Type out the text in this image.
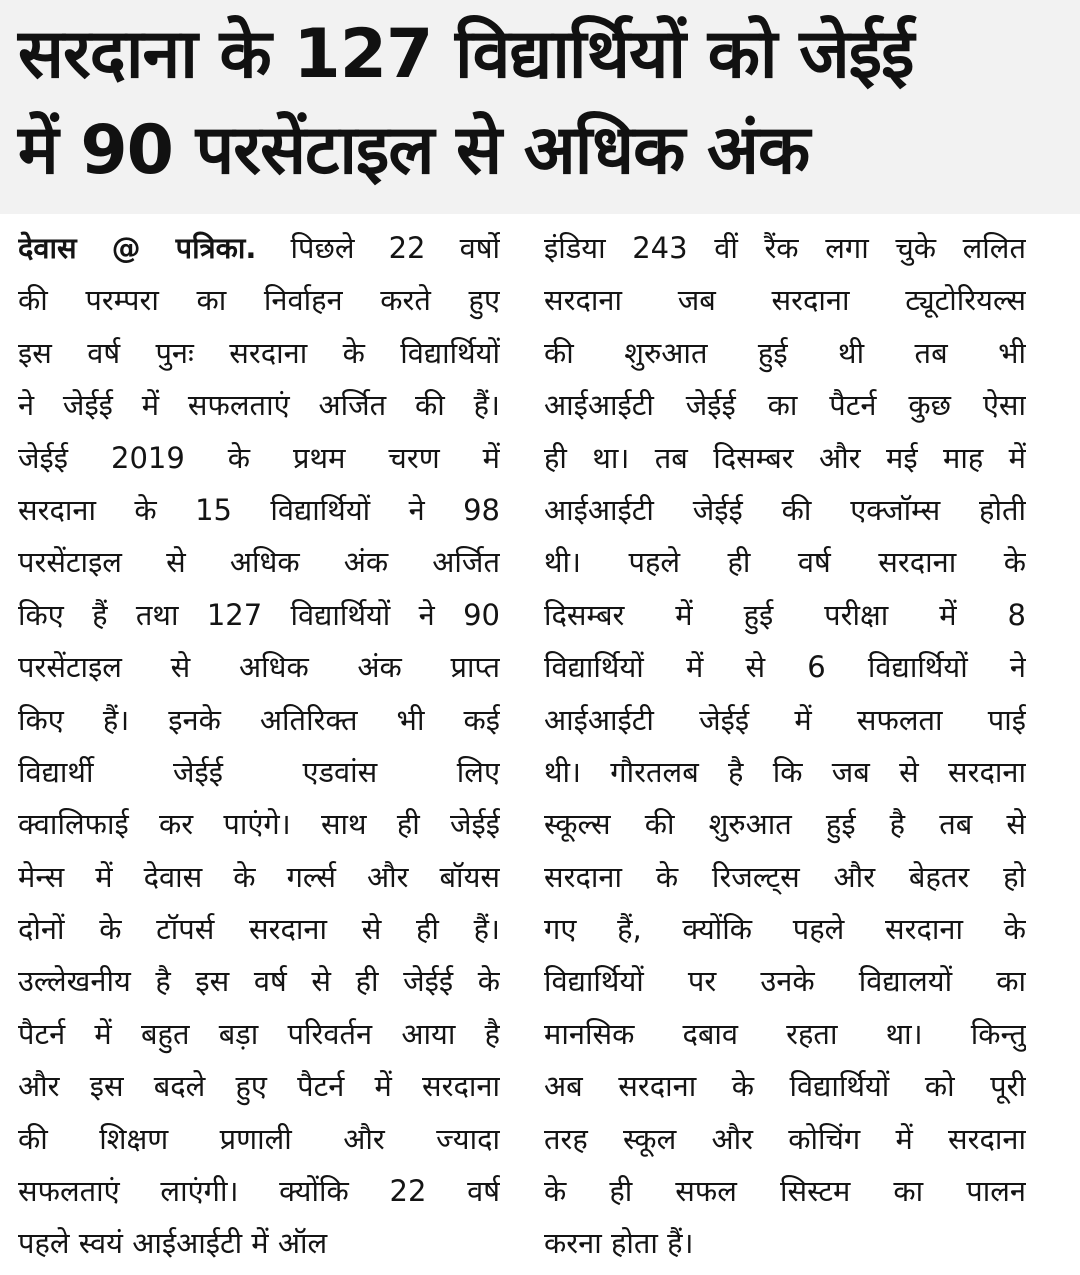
सरदाना के 127 विद्यार्थियों को जेईई
में 90 परसेंटाइल से अधिक अंक
देवास @ पत्रिका. पिछले 22 वर्षो
की परम्परा का निर्वाहन करते हुए
इस वर्ष पुनः सरदाना के विद्यार्थियों
ने जेईई में सफलताएं अर्जित की हैं।
जेईई 2019 के प्रथम चरण में
सरदाना के 15 विद्यार्थियों ने 98
परसेंटाइल से अधिक अंक अर्जित
किए हैं तथा 127 विद्यार्थियों ने 90
परसेंटाइल से अधिक अंक प्राप्त
किए हैं। इनके अतिरिक्त भी कई
विद्यार्थी जेईई एडवांस लिए
क्वालिफाई कर पाएंगे। साथ ही जेईई
मेन्स में देवास के गर्ल्स और बॉयस
दोनों के टॉपर्स सरदाना से ही हैं।
उल्लेखनीय है इस वर्ष से ही जेईई के
पैटर्न में बहुत बड़ा परिवर्तन आया है
और इस बदले हुए पैटर्न में सरदाना
की शिक्षण प्रणाली और ज्यादा
सफलताएं लाएंगी। क्योंकि 22 वर्ष
पहले स्वयं आईआईटी में ऑल
इंडिया 243 वीं रैंक लगा चुके ललित
सरदाना जब सरदाना ट्यूटोरियल्स
की शुरुआत हुई थी तब भी
आईआईटी जेईई का पैटर्न कुछ ऐसा
ही था। तब दिसम्बर और मई माह में
आईआईटी जेईई की एक्जॉम्स होती
थी। पहले ही वर्ष सरदाना के
दिसम्बर में हुई परीक्षा में 8
विद्यार्थियों में से 6 विद्यार्थियों ने
आईआईटी जेईई में सफलता पाई
थी। गौरतलब है कि जब से सरदाना
स्कूल्स की शुरुआत हुई है तब से
सरदाना के रिजल्ट्स और बेहतर हो
गए हैं, क्योंकि पहले सरदाना के
विद्यार्थियों पर उनके विद्यालयों का
मानसिक दबाव रहता था। किन्तु
अब सरदाना के विद्यार्थियों को पूरी
तरह स्कूल और कोचिंग में सरदाना
के ही सफल सिस्टम का पालन
करना होता हैं।
